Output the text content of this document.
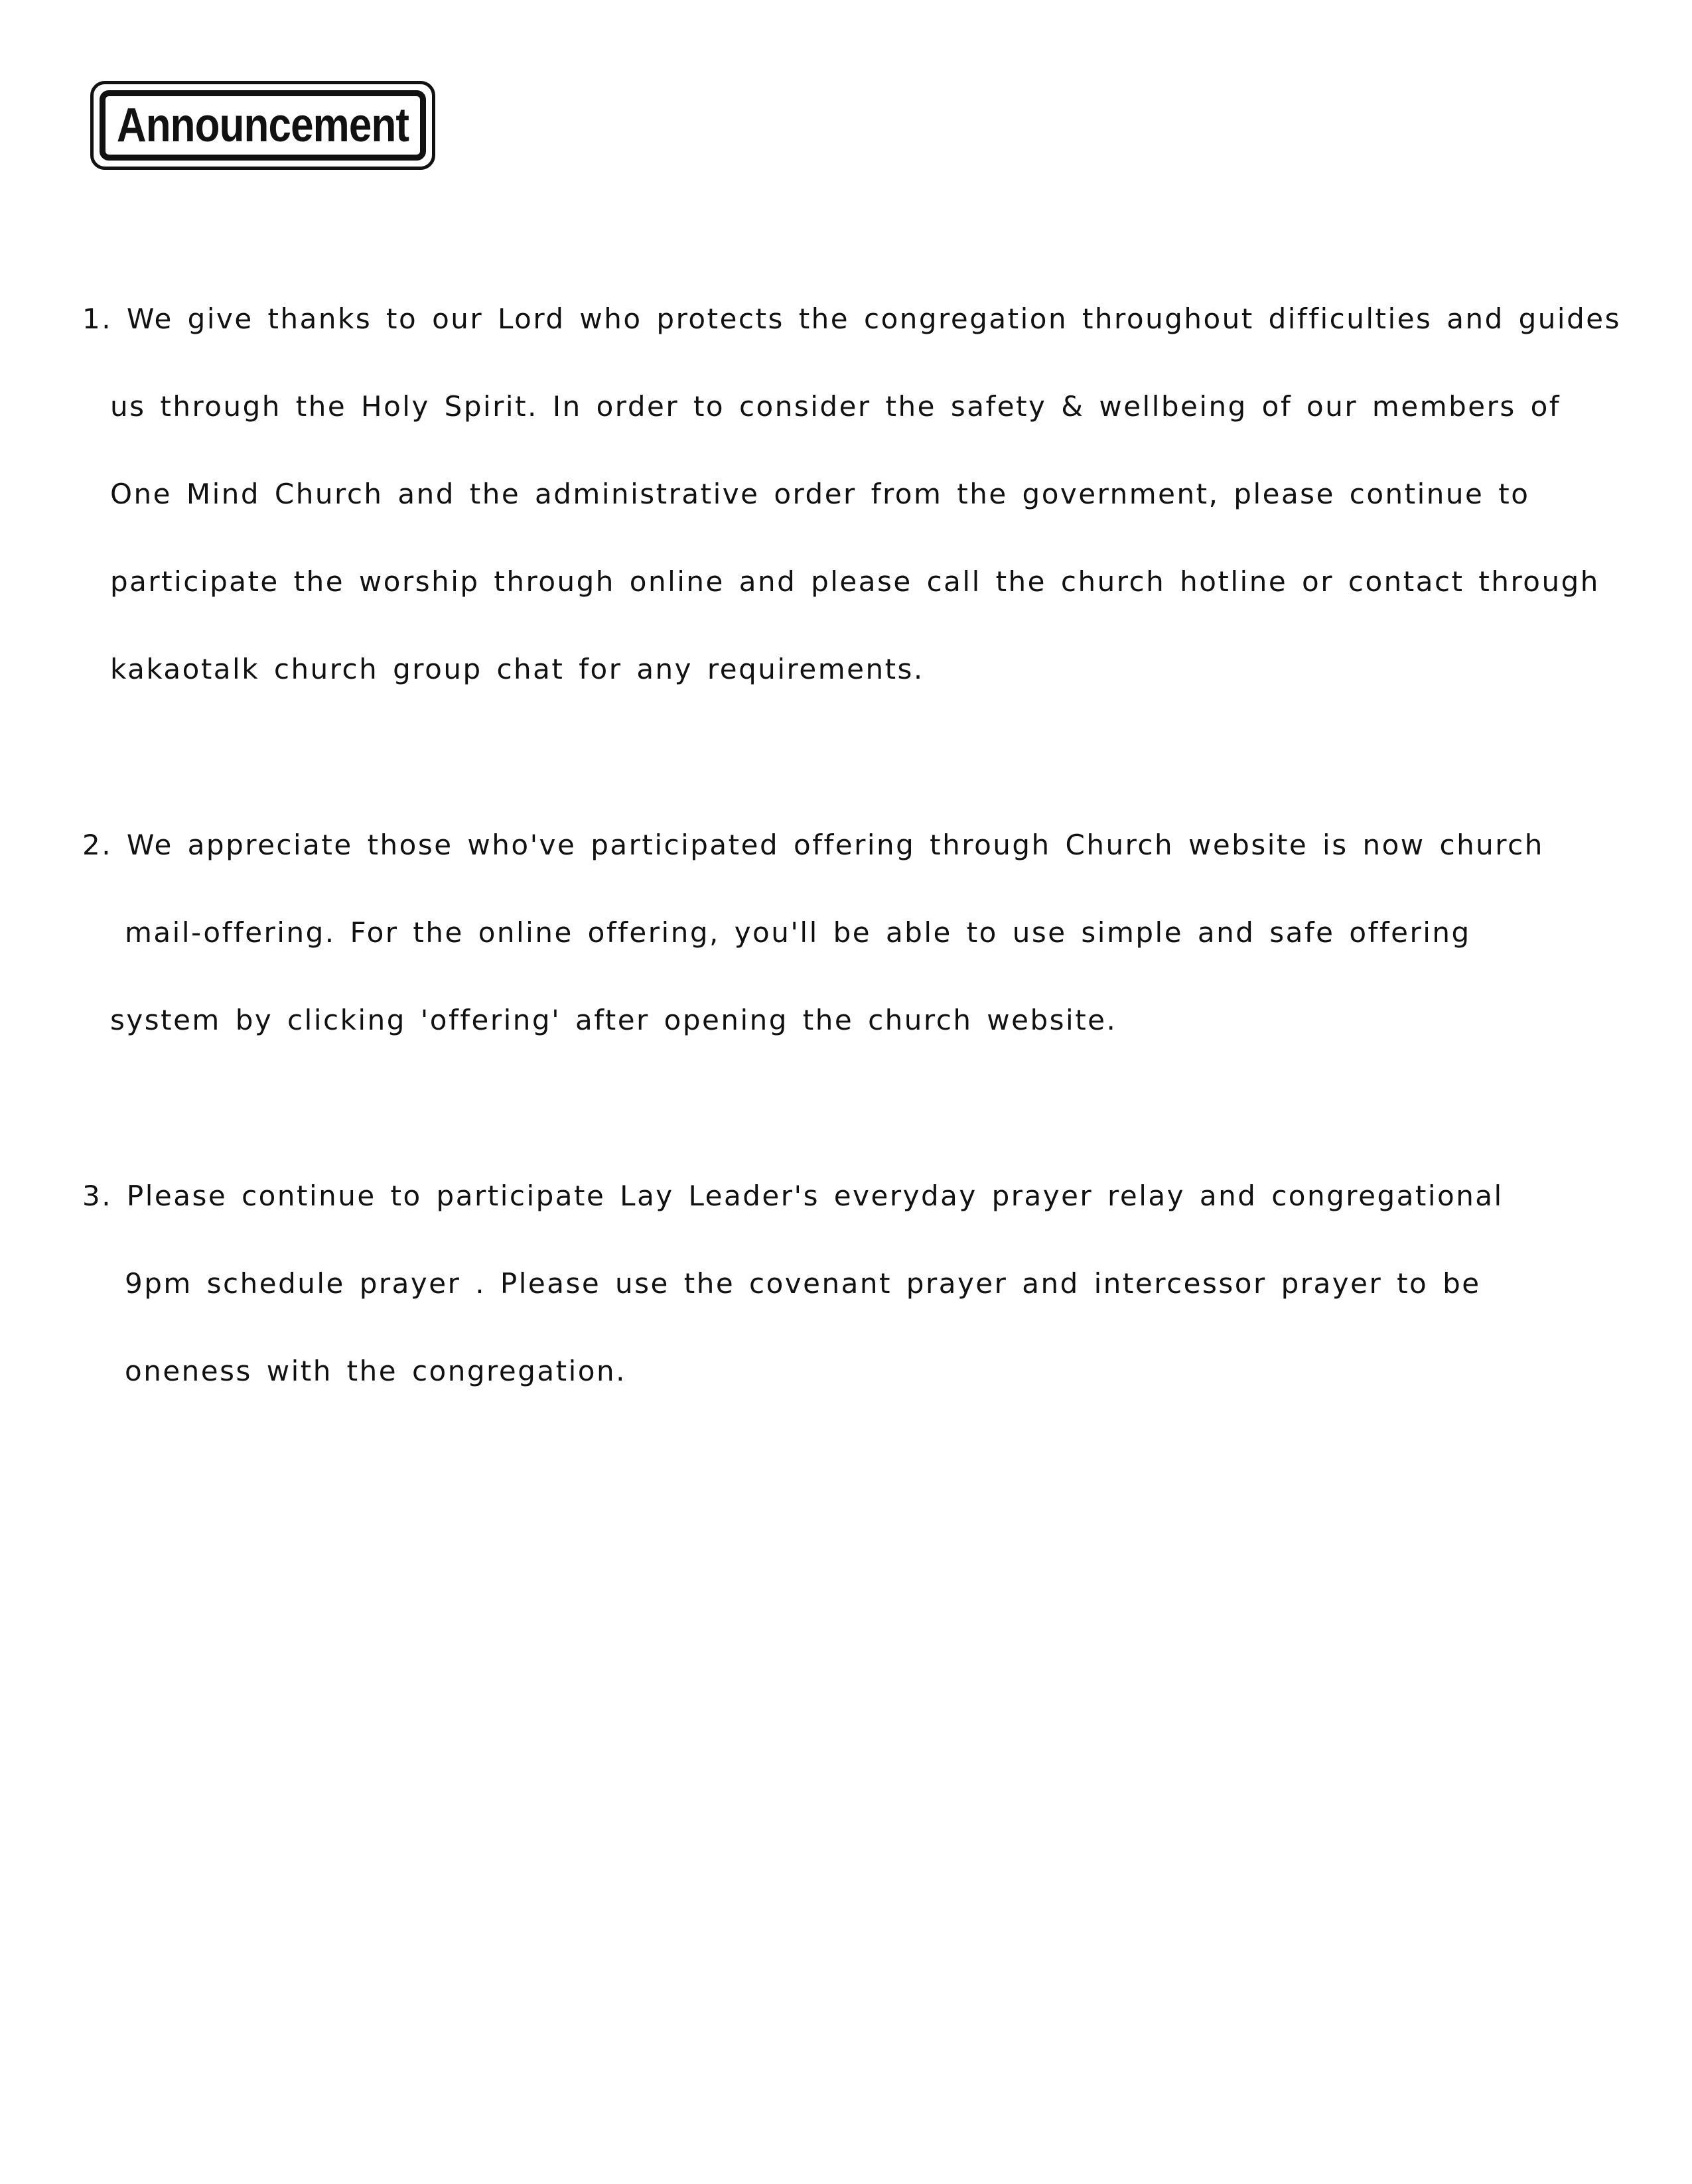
Announcement
1. We give thanks to our Lord who protects the congregation throughout difficulties and guides
us through the Holy Spirit. In order to consider the safety & wellbeing of our members of
One Mind Church and the administrative order from the government, please continue to
participate the worship through online and please call the church hotline or contact through
kakaotalk church group chat for any requirements.
2. We appreciate those who've participated offering through Church website is now church
mail-offering. For the online offering, you'll be able to use simple and safe offering
system by clicking 'offering' after opening the church website.
3. Please continue to participate Lay Leader's everyday prayer relay and congregational
9pm schedule prayer . Please use the covenant prayer and intercessor prayer to be
oneness with the congregation.
